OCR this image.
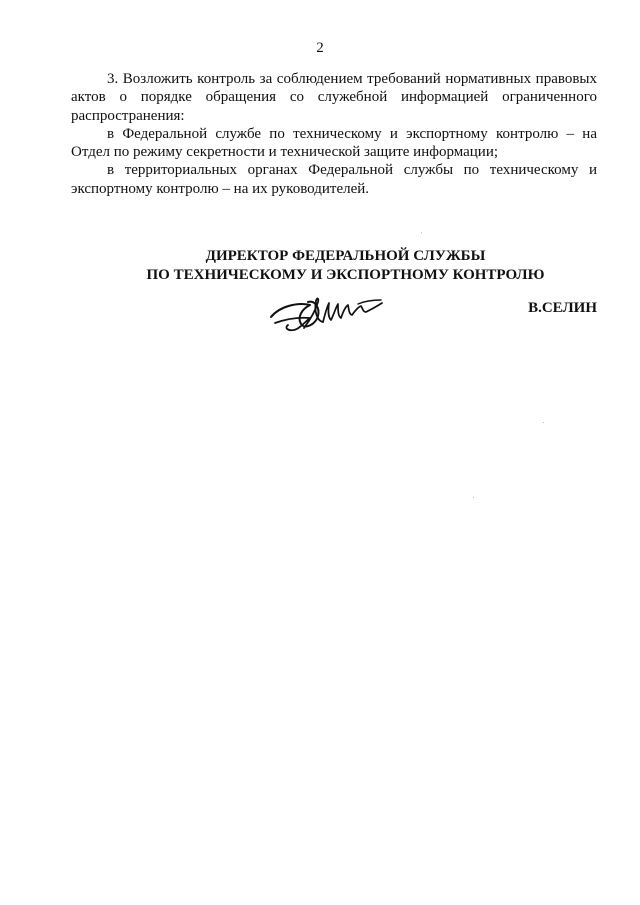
2

3. Возложить контроль за соблюдением требований нормативных правовых актов о порядке обращения со служебной информацией ограниченного распространения:

в Федеральной службе по техническому и экспортному контролю – на Отдел по режиму секретности и технической защите информации;

в территориальных органах Федеральной службы по техническому и экспортному контролю – на их руководителей.

ДИРЕКТОР ФЕДЕРАЛЬНОЙ СЛУЖБЫ
ПО ТЕХНИЧЕСКОМУ И ЭКСПОРТНОМУ КОНТРОЛЮ
В.СЕЛИН
